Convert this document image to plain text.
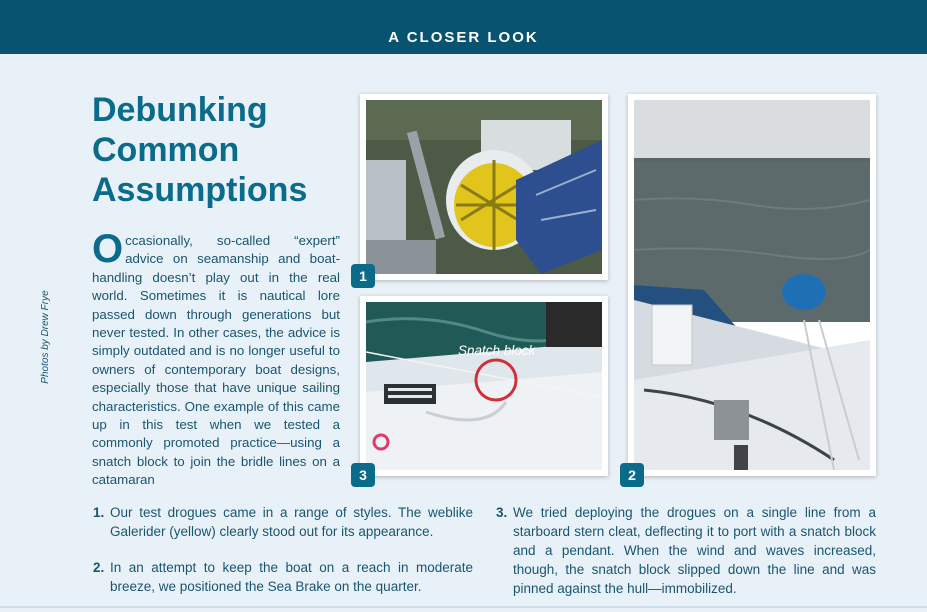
A CLOSER LOOK
Photos by Drew Frye
Debunking
Common
Assumptions
Occasionally, so-called “expert” advice on seamanship and boat-handling doesn’t play out in the real world. Sometimes it is nautical lore passed down through generations but never tested. In other cases, the advice is simply outdated and is no longer useful to owners of contemporary boat designs, especially those that have unique sailing characteristics. One example of this came up in this test when we tested a commonly promoted practice—using a snatch block to join the bridle lines on a catamaran
1
Snatch block
3	2
1. Our test drogues came in a range of styles. The weblike Galerider (yellow) clearly stood out for its appearance.
2. In an attempt to keep the boat on a reach in moderate breeze, we positioned the Sea Brake on the quarter.
3. We tried deploying the drogues on a single line from a starboard stern cleat, deflecting it to port with a snatch block and a pendant. When the wind and waves increased, though, the snatch block slipped down the line and was pinned against the hull—immobilized.
